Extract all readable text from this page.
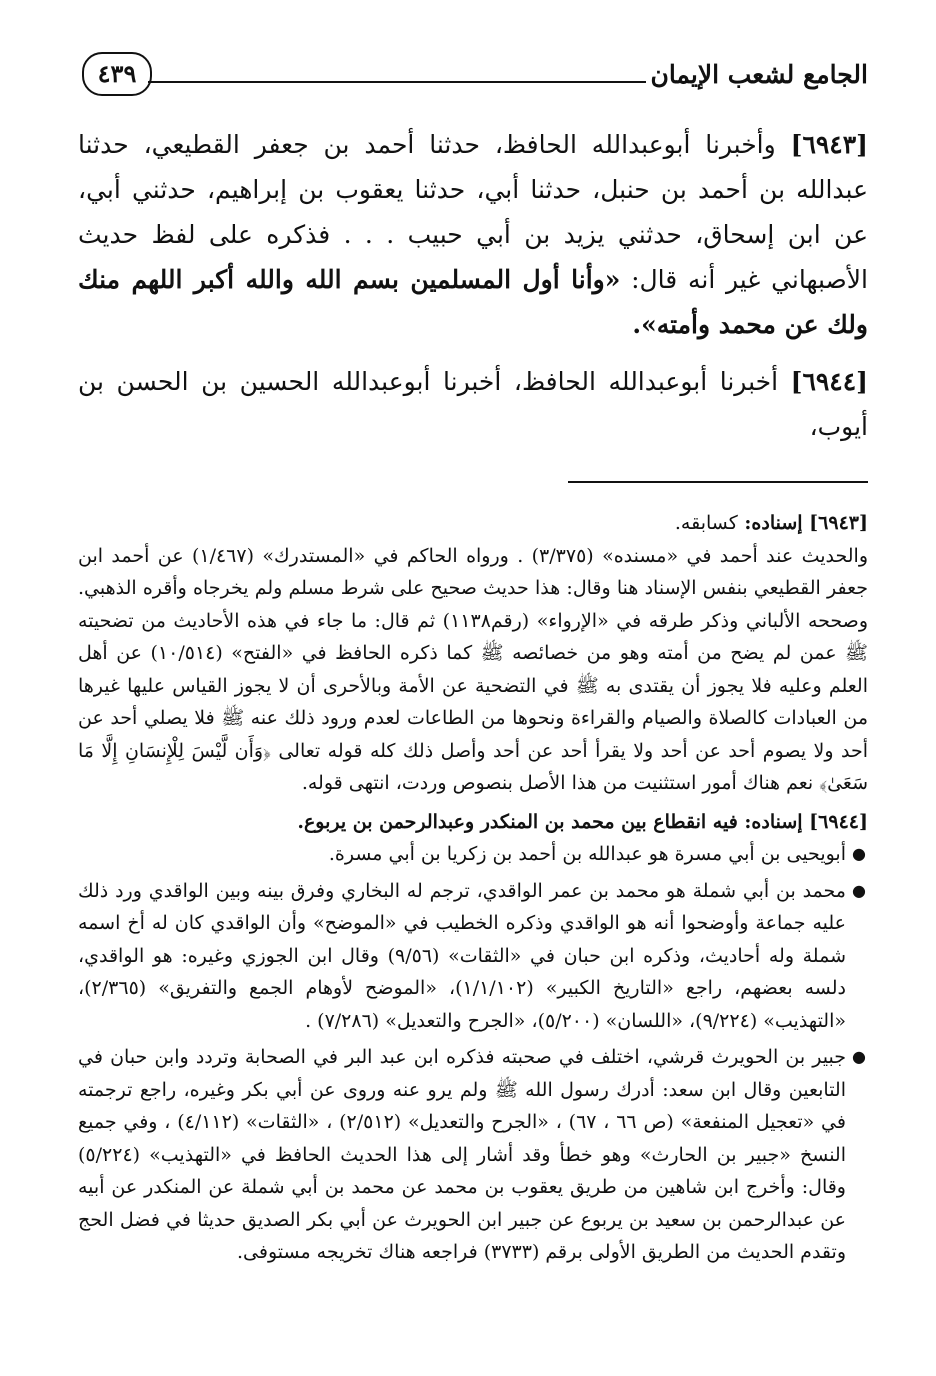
الجامع لشعب الإيمان
٤٣٩

[٦٩٤٣] وأخبرنا أبوعبدالله الحافظ، حدثنا أحمد بن جعفر القطيعي، حدثنا عبدالله بن أحمد بن حنبل، حدثنا أبي، حدثنا يعقوب بن إبراهيم، حدثني أبي، عن ابن إسحاق، حدثني يزيد بن أبي حبيب . . . فذكره على لفظ حديث الأصبهاني غير أنه قال: «وأنا أول المسلمين بسم الله والله أكبر اللهم منك ولك عن محمد وأمته».

[٦٩٤٤] أخبرنا أبوعبدالله الحافظ، أخبرنا أبوعبدالله الحسين بن الحسن بن أيوب،

[٦٩٤٣] إسناده: كسابقه.

والحديث عند أحمد في «مسنده» (٣/٣٧٥) . ورواه الحاكم في «المستدرك» (١/٤٦٧) عن أحمد ابن جعفر القطيعي بنفس الإسناد هنا وقال: هذا حديث صحيح على شرط مسلم ولم يخرجاه وأقره الذهبي. وصححه الألباني وذكر طرقه في «الإرواء» (رقم١١٣٨) ثم قال: ما جاء في هذه الأحاديث من تضحيته ﷺ عمن لم يضح من أمته وهو من خصائصه ﷺ كما ذكره الحافظ في «الفتح» (١٠/٥١٤) عن أهل العلم وعليه فلا يجوز أن يقتدى به ﷺ في التضحية عن الأمة وبالأحرى أن لا يجوز القياس عليها غيرها من العبادات كالصلاة والصيام والقراءة ونحوها من الطاعات لعدم ورود ذلك عنه ﷺ فلا يصلي أحد عن أحد ولا يصوم أحد عن أحد ولا يقرأ أحد عن أحد وأصل ذلك كله قوله تعالى ﴿وَأَن لَّيْسَ لِلْإِنسَانِ إِلَّا مَا سَعَىٰ﴾ نعم هناك أمور استثنيت من هذا الأصل بنصوص وردت، انتهى قوله.

[٦٩٤٤] إسناده: فيه انقطاع بين محمد بن المنكدر وعبدالرحمن بن يربوع.

●
أبويحيى بن أبي مسرة هو عبدالله بن أحمد بن زكريا بن أبي مسرة.
●
محمد بن أبي شملة هو محمد بن عمر الواقدي، ترجم له البخاري وفرق بينه وبين الواقدي ورد ذلك عليه جماعة وأوضحوا أنه هو الواقدي وذكره الخطيب في «الموضح» وأن الواقدي كان له أخ اسمه شملة وله أحاديث، وذكره ابن حبان في «الثقات» (٩/٥٦) وقال ابن الجوزي وغيره: هو الواقدي، دلسه بعضهم، راجع «التاريخ الكبير» (١/١/١٠٢)، «الموضح لأوهام الجمع والتفريق» (٢/٣٦٥)، «التهذيب» (٩/٢٢٤)، «اللسان» (٥/٢٠٠)، «الجرح والتعديل» (٧/٢٨٦) .
●
جبير بن الحويرث قرشي، اختلف في صحبته فذكره ابن عبد البر في الصحابة وتردد وابن حبان في التابعين وقال ابن سعد: أدرك رسول الله ﷺ ولم يرو عنه وروى عن أبي بكر وغيره، راجع ترجمته في «تعجيل المنفعة» (ص ٦٦ ، ٦٧) ، «الجرح والتعديل» (٢/٥١٢) ، «الثقات» (٤/١١٢) ، وفي جميع النسخ «جبير بن الحارث» وهو خطأ وقد أشار إلى هذا الحديث الحافظ في «التهذيب» (٥/٢٢٤) وقال: وأخرج ابن شاهين من طريق يعقوب بن محمد عن محمد بن أبي شملة عن المنكدر عن أبيه عن عبدالرحمن بن سعيد بن يربوع عن جبير ابن الحويرث عن أبي بكر الصديق حديثا في فضل الحج وتقدم الحديث من الطريق الأولى برقم (٣٧٣٣) فراجعه هناك تخريجه مستوفى.
